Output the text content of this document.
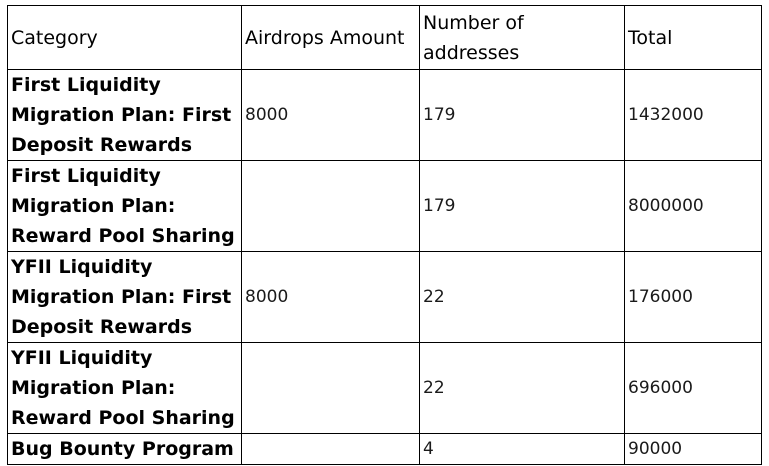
Category	Airdrops Amount	Number of addresses	Total
First Liquidity Migration Plan: First Deposit Rewards	8000	179	1432000
First Liquidity Migration Plan: Reward Pool Sharing		179	8000000
YFII Liquidity Migration Plan: First Deposit Rewards	8000	22	176000
YFII Liquidity Migration Plan: Reward Pool Sharing		22	696000
Bug Bounty Program		4	90000
